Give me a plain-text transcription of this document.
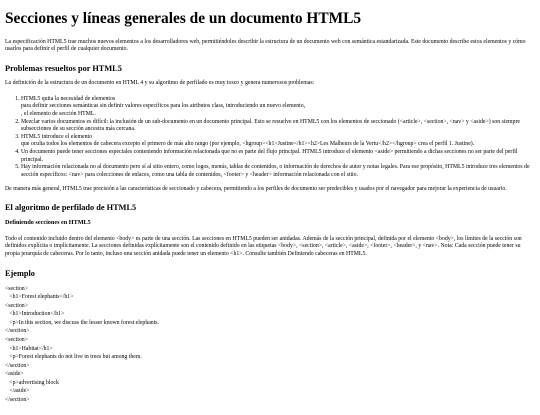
Secciones y líneas generales de un documento HTML5

La especificación HTML5 trae muchos nuevos elementos a los desarrolladores web, permitiéndoles describir la estructura de un documento web con semántica estandarizada. Este documento describe estos elementos y cómo usarlos para definir el perfil de cualquier documento.

Problemas resueltos por HTML5

La definición de la estructura de un documento en HTML 4 y su algoritmo de perfilado es muy tosco y genera numerosos problemas:

1. HTML5 quita la necesidad de elementos
para definir secciones semánticas sin definir valores específicos para los atributos class, introduciendo un nuevo elemento,
, el elemento de sección HTML.
2. Mezclar varios documentos es difícil: la inclusión de un sub-documento en un documento principal. Esto se resuelve en HTML5 con los elementos de seccionado (<article>, <section>, <nav> y <aside>) son siempre subsecciones de su sección ancestra más cercana.
3. HTML5 introduce el elemento
que oculta todos los elementos de cabecera excepto el primero de más alto rango (por ejemplo, <hgroup><h1>Justine</h1><h2>Les Malheurs de la Vertu</h2></hgroup> crea el perfil 1. Justine).
4. Un documento puede tener secciones especiales conteniendo información relacionada que no es parte del flujo principal. HTML5 introduce el elemento <aside> permitiendo a dichas secciones no ser parte del perfil principal.
5. Hay información relacionada no al documento pero sí al sitio entero, como logos, menús, tablas de contenidos, o información de derechos de autor y notas legales. Para ese propósito, HTML5 introduce tres elementos de sección específicos: <nav> para colecciones de enlaces, como una tabla de contenidos, <footer> y <header> información relacionada con el sitio.

De manera más general, HTML5 trae precisión a las características de seccionado y cabecera, permitiendo a los perfiles de documento ser predecibles y usados por el navegador para mejorar la experiencia de usuario.

El algoritmo de perfilado de HTML5
Definiendo secciones en HTML5

Todo el contenido incluido dentro del elemento <body> es parte de una sección. Las secciones en HTML5 pueden ser anidadas. Además de la sección principal, definida por el elemento <body>, los límites de la sección son definidos explícita o implícitamente. La secciones definidas explícitamente son el contenido definido en las etiquetas <body>, <section>, <article>, <aside>, <footer>, <header>, y <nav>. Nota: Cada sección puede tener su propia jerarquía de cabeceras. Por lo tanto, incluso una sección anidada puede tener un elemento <h1>. Consulte también Definiendo cabeceras en HTML5.

Ejemplo
<section>
<h1>Forest elephants</h1>
<section>
<h1>Introduction</h1>
<p>In this section, we discuss the lesser known forest elephants.
</section>
<section>
<h1>Habitat</h1>
<p>Forest elephants do not live in trees but among them.
</section>
<aside>
<p>advertising block
</aside>
</section>
